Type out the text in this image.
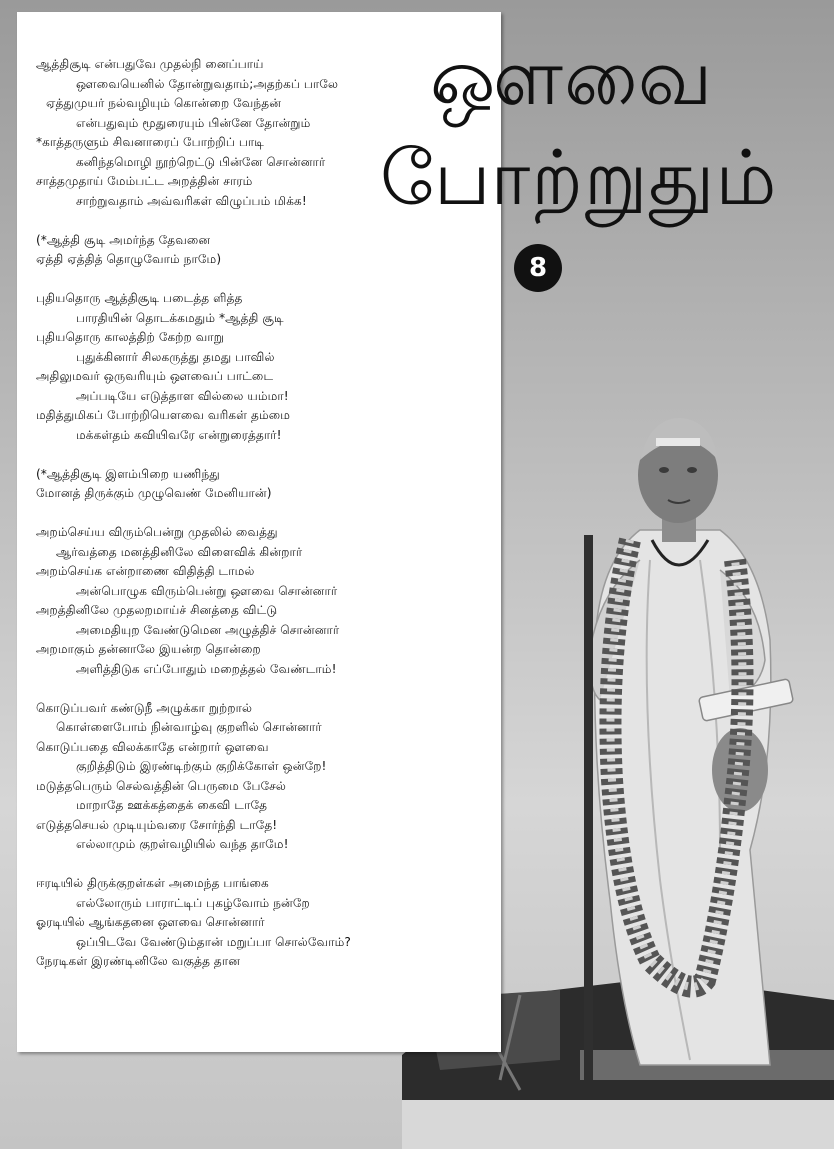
ஔவை
போற்றுதும்
8
ஆத்திசூடி என்பதுவே முதல்நி னைப்பாய்
ஔவையெனில் தோன்றுவதாம்;அதற்கப் பாலே
ஏத்துமுயர் நல்வழியும் கொன்றை வேந்தன்
என்பதுவும் மூதுரையும் பின்னே தோன்றும்
*காத்தருளும் சிவனாரைப் போற்றிப் பாடி
கனிந்தமொழி நூற்றெட்டு பின்னே சொன்னார்
சாத்தமுதாய் மேம்பட்ட அறத்தின் சாரம்
சாற்றுவதாம் அவ்வரிகள் விழுப்பம் மிக்க!
(*ஆத்தி சூடி அமர்ந்த தேவனை
ஏத்தி ஏத்தித் தொழுவோம் நாமே)
புதியதொரு ஆத்திசூடி படைத்த ளித்த
பாரதியின் தொடக்கமதும் *ஆத்தி சூடி
புதியதொரு காலத்திற் கேற்ற வாறு
புதுக்கினார் சிலகருத்து தமது பாவில்
அதிலுமவர் ஒருவரியும் ஔவைப் பாட்டை
அப்படியே எடுத்தாள வில்லை யம்மா!
மதித்துமிகப் போற்றியௌவை வரிகள் தம்மை
மக்கள்தம் கவியிவரே என்றுரைத்தார்!
(*ஆத்திசூடி இளம்பிறை யணிந்து
மோனத் திருக்கும் முழுவெண் மேனியான்)
அறம்செய்ய விரும்பென்று முதலில் வைத்து
ஆர்வத்தை மனத்தினிலே விளைவிக் கின்றார்
அறம்செய்க என்றாணை விதித்தி டாமல்
அன்பொழுக விரும்பென்று ஔவை சொன்னார்
அறத்தினிலே முதலறமாய்ச் சினத்தை விட்டு
அமைதியுற வேண்டுமென அழுத்திச் சொன்னார்
அறமாகும் தன்னாலே இயன்ற தொன்றை
அளித்திடுக எப்போதும் மறைத்தல் வேண்டாம்!
கொடுப்பவர் கண்டுநீ அழுக்கா றுற்றால்
கொள்ளைபோம் நின்வாழ்வு குறளில் சொன்னார்
கொடுப்பதை விலக்காதே என்றார் ஔவை
குறித்திடும் இரண்டிற்கும் குறிக்கோள் ஒன்றே!
மடுத்தபெரும் செல்வத்தின் பெருமை பேசேல்
மாறாதே ஊக்கத்தைக் கைவி டாதே
எடுத்தசெயல் முடியும்வரை சோர்ந்தி டாதே!
எல்லாமும் குறள்வழியில் வந்த தாமே!
ஈரடியில் திருக்குறள்கள் அமைந்த பாங்கை
எல்லோரும் பாராட்டிப் புகழ்வோம் நன்றே
ஓரடியில் ஆங்கதனை ஔவை சொன்னார்
ஒப்பிடவே வேண்டும்தான் மறுப்பா சொல்வோம்?
நேரடிகள் இரண்டினிலே வகுத்த தான
